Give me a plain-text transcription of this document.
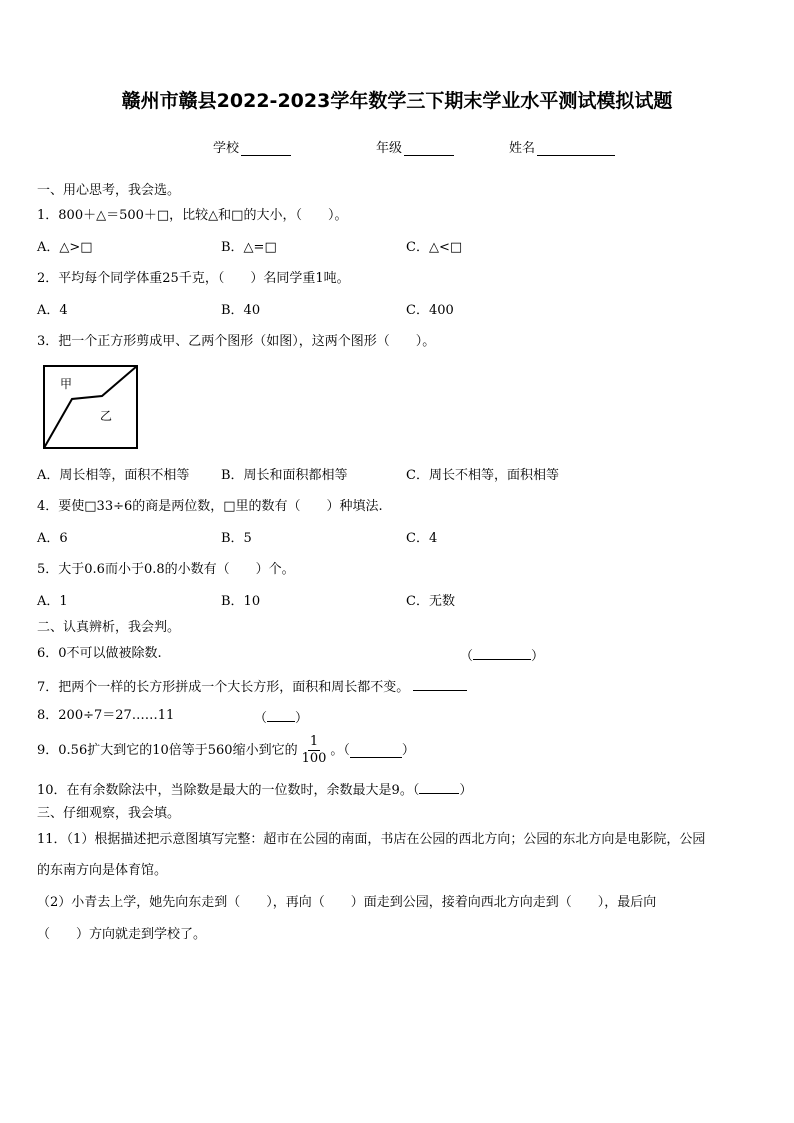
赣州市赣县2022-2023学年数学三下期末学业水平测试模拟试题
学校	年级	姓名
一、用心思考，我会选。
1．800＋△＝500＋□，比较△和□的大小，（　　）。
A．△>□	B．△=□	C．△<□
2．平均每个同学体重25千克，（　　）名同学重1吨。
A．4	B．40	C．400
3．把一个正方形剪成甲、乙两个图形（如图），这两个图形（　　）。
甲
乙
A．周长相等，面积不相等 B．周长和面积都相等	C．周长不相等，面积相等
4．要使□33÷6的商是两位数，□里的数有（　　）种填法.
A．6	B．5	C．4
5．大于0.6而小于0.8的小数有（　　）个。
A．1	B．10	C．无数
二、认真辨析，我会判。
6．0不可以做被除数.	（	）
7．把两个一样的长方形拼成一个大长方形，面积和周长都不变。
8．200÷7＝27……11	（ ）
9．0.56扩大到它的10倍等于560缩小到它的 $\frac{1}{100}$ 。（	）
10．在有余数除法中，当除数是最大的一位数时，余数最大是9。（	）
三、仔细观察，我会填。
11．（1）根据描述把示意图填写完整：超市在公园的南面，书店在公园的西北方向；公园的东北方向是电影院，公园
的东南方向是体育馆。
（2）小青去上学，她先向东走到（　　），再向（　　）面走到公园，接着向西北方向走到（　　），最后向
（　　）方向就走到学校了。
